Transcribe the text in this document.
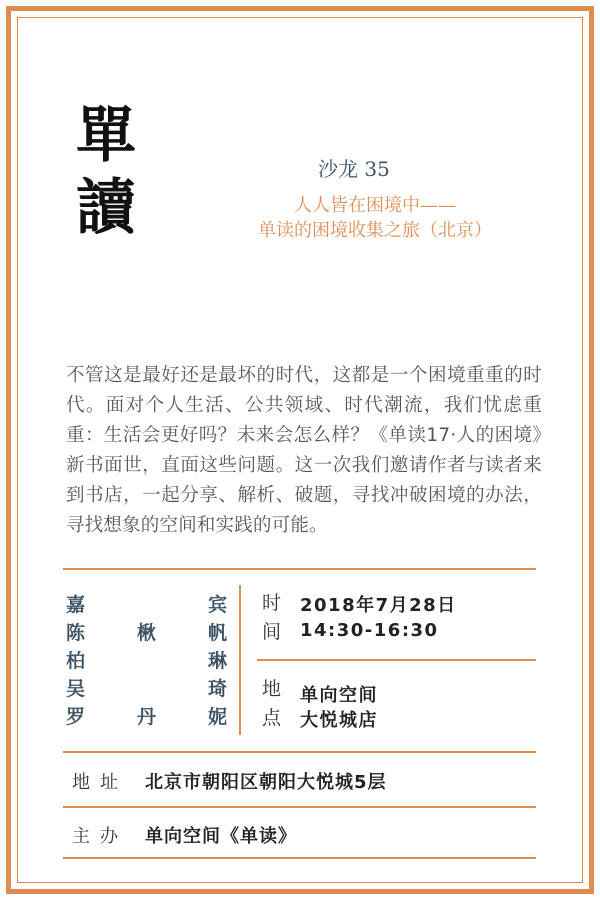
單
讀
沙龙 35
人人皆在困境中——
单读的困境收集之旅（北京）
不管这是最好还是最坏的时代，这都是一个困境重重的时代。面对个人生活、公共领域、时代潮流，我们忧虑重重：生活会更好吗？未来会怎么样？《单读17·人的困境》新书面世，直面这些问题。这一次我们邀请作者与读者来到书店，一起分享、解析、破题，寻找冲破困境的办法，寻找想象的空间和实践的可能。
嘉	宾
陈	楸	帆
柏	琳
吴	琦
罗	丹	妮
时间
2018年7月28日
14:30-16:30
地点
单向空间
大悦城店
地址 北京市朝阳区朝阳大悦城5层
主办 单向空间《单读》
